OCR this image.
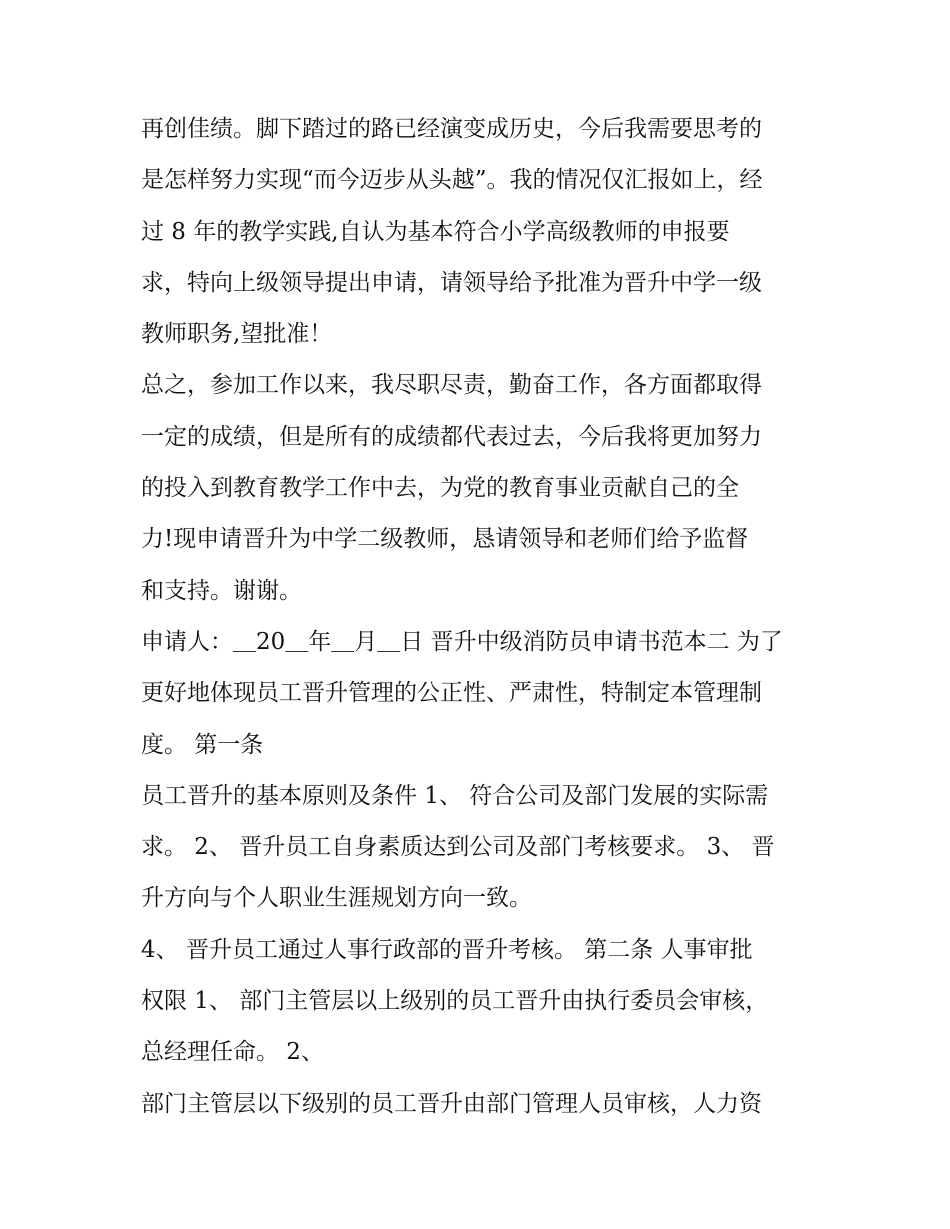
再创佳绩。脚下踏过的路已经演变成历史，今后我需要思考的
是怎样努力实现“而今迈步从头越”。我的情况仅汇报如上，经
过 8 年的教学实践,自认为基本符合小学高级教师的申报要
求，特向上级领导提出申请，请领导给予批准为晋升中学一级
教师职务,望批准！
总之，参加工作以来，我尽职尽责，勤奋工作，各方面都取得
一定的成绩，但是所有的成绩都代表过去，今后我将更加努力
的投入到教育教学工作中去，为党的教育事业贡献自己的全
力!现申请晋升为中学二级教师，恳请领导和老师们给予监督
和支持。谢谢。
申请人：＿20＿年＿月＿日 晋升中级消防员申请书范本二 为了
更好地体现员工晋升管理的公正性、严肃性，特制定本管理制
度。 第一条
员工晋升的基本原则及条件 1、 符合公司及部门发展的实际需
求。 2、 晋升员工自身素质达到公司及部门考核要求。 3、 晋
升方向与个人职业生涯规划方向一致。
4、 晋升员工通过人事行政部的晋升考核。 第二条 人事审批
权限 1、 部门主管层以上级别的员工晋升由执行委员会审核，
总经理任命。 2、
部门主管层以下级别的员工晋升由部门管理人员审核，人力资
